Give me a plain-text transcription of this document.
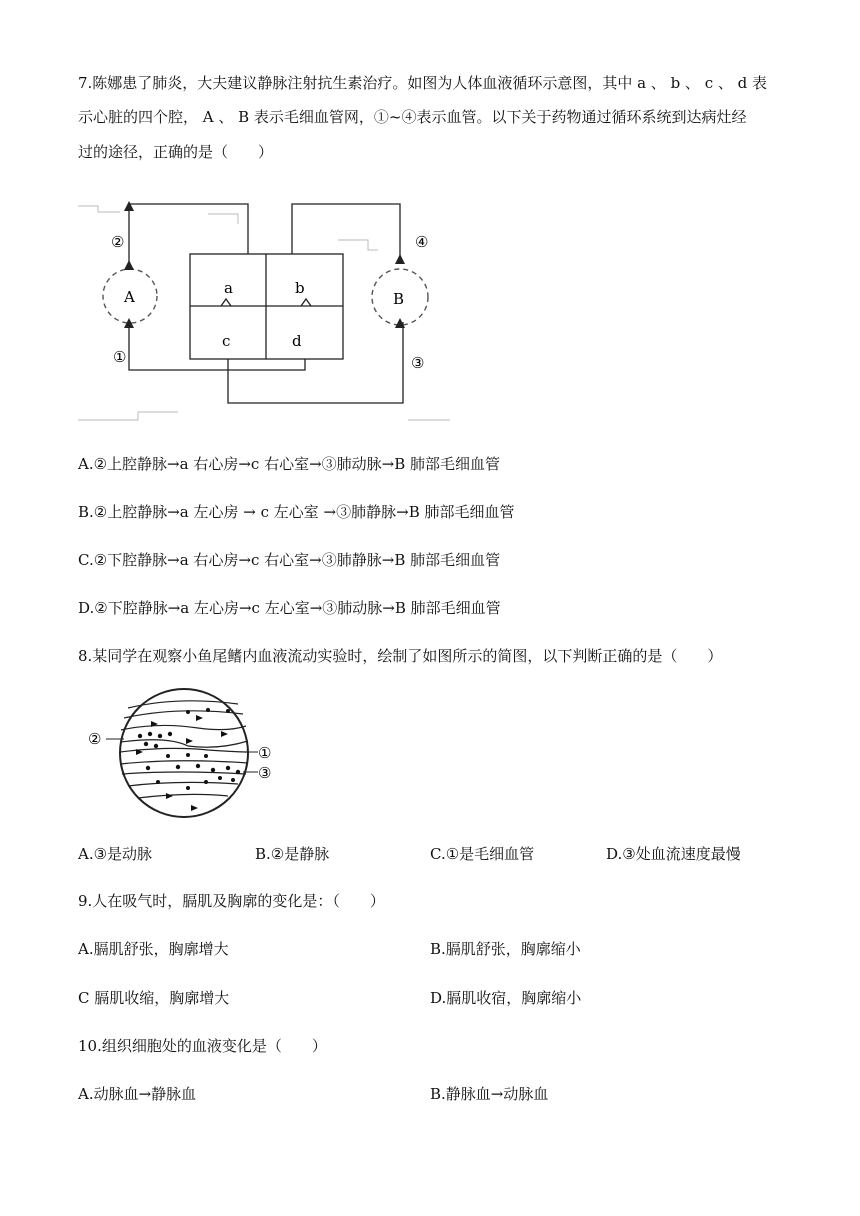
7.陈娜患了肺炎，大夫建议静脉注射抗生素治疗。如图为人体血液循环示意图，其中 a 、 b 、 c 、 d 表
示心脏的四个腔， A 、 B 表示毛细血管网，①~④表示血管。以下关于药物通过循环系统到达病灶经
过的途径，正确的是（　　）
②	④
①	③
A	B
a	b
c	d
A.②上腔静脉→a 右心房→c 右心室→③肺动脉→B 肺部毛细血管
B.②上腔静脉→a 左心房 → c 左心室 →③肺静脉→B 肺部毛细血管
C.②下腔静脉→a 右心房→c 右心室→③肺静脉→B 肺部毛细血管
D.②下腔静脉→a 左心房→c 左心室→③肺动脉→B 肺部毛细血管
8.某同学在观察小鱼尾鳍内血液流动实验时，绘制了如图所示的简图，以下判断正确的是（　　）
②
①
③
A.③是动脉	B.②是静脉	C.①是毛细血管	D.③处血流速度最慢
9.人在吸气时，膈肌及胸廓的变化是：（　　）
A.膈肌舒张，胸廓增大	B.膈肌舒张，胸廓缩小
C 膈肌收缩，胸廓增大	D.膈肌收宿，胸廓缩小
10.组织细胞处的血液变化是（　　）
A.动脉血→静脉血	B.静脉血→动脉血
